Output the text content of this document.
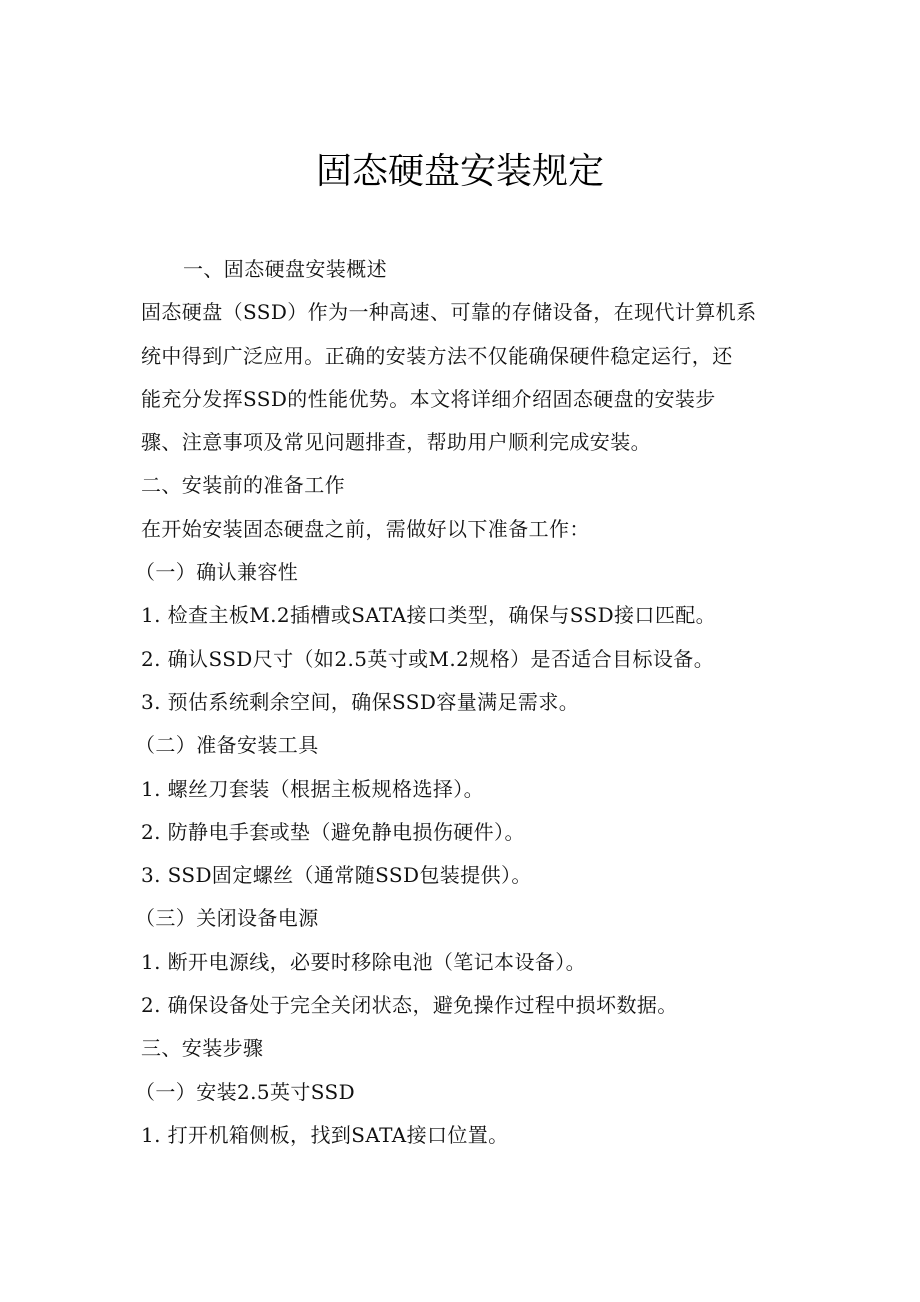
固态硬盘安装规定
一、固态硬盘安装概述
固态硬盘（SSD）作为一种高速、可靠的存储设备，在现代计算机系
统中得到广泛应用。正确的安装方法不仅能确保硬件稳定运行，还
能充分发挥SSD的性能优势。本文将详细介绍固态硬盘的安装步
骤、注意事项及常见问题排查，帮助用户顺利完成安装。
二、安装前的准备工作
在开始安装固态硬盘之前，需做好以下准备工作：
（一）确认兼容性
1. 检查主板M.2插槽或SATA接口类型，确保与SSD接口匹配。
2. 确认SSD尺寸（如2.5英寸或M.2规格）是否适合目标设备。
3. 预估系统剩余空间，确保SSD容量满足需求。
（二）准备安装工具
1. 螺丝刀套装（根据主板规格选择）。
2. 防静电手套或垫（避免静电损伤硬件）。
3. SSD固定螺丝（通常随SSD包装提供）。
（三）关闭设备电源
1. 断开电源线，必要时移除电池（笔记本设备）。
2. 确保设备处于完全关闭状态，避免操作过程中损坏数据。
三、安装步骤
（一）安装2.5英寸SSD
1. 打开机箱侧板，找到SATA接口位置。
